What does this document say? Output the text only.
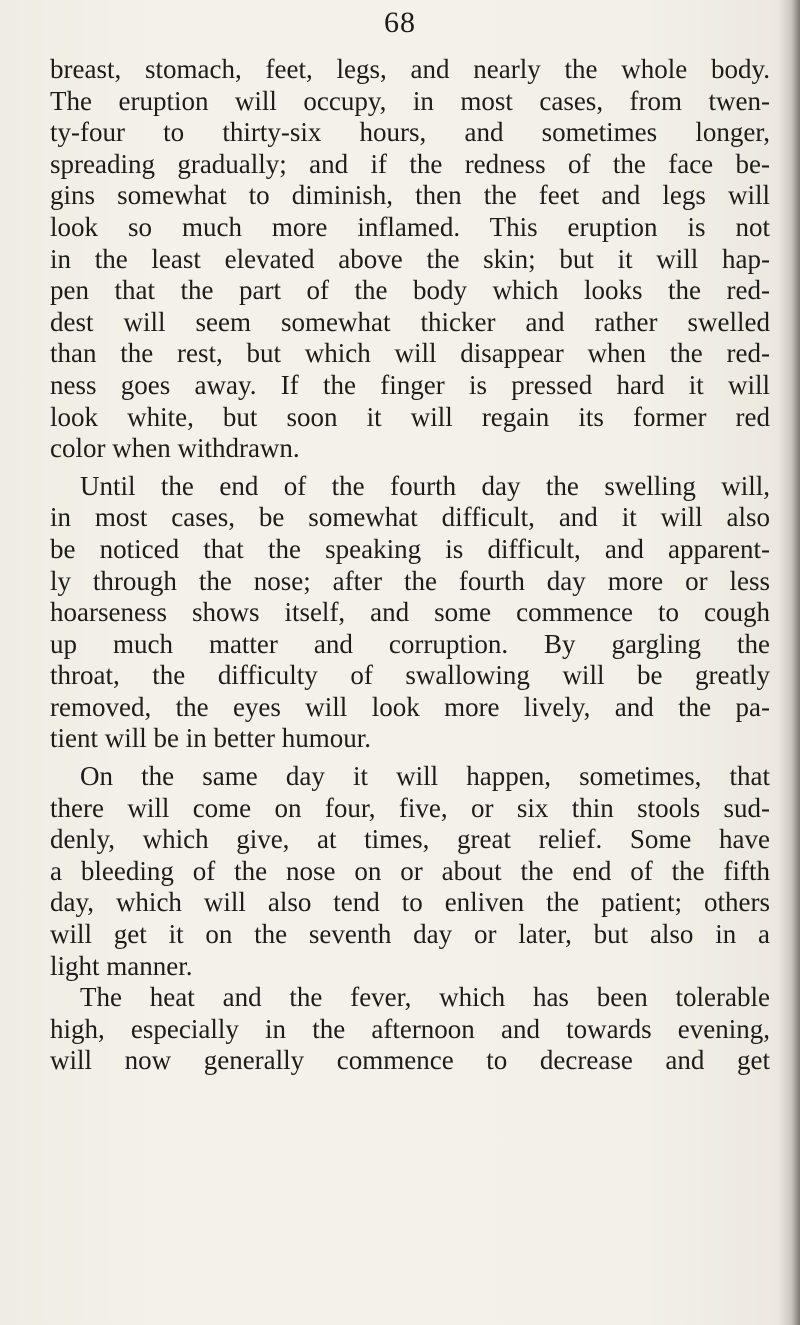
68
breast, stomach, feet, legs, and nearly the whole body.
The eruption will occupy, in most cases, from twen-
ty-four to thirty-six hours, and sometimes longer,
spreading gradually; and if the redness of the face be-
gins somewhat to diminish, then the feet and legs will
look so much more inflamed. This eruption is not
in the least elevated above the skin; but it will hap-
pen that the part of the body which looks the red-
dest will seem somewhat thicker and rather swelled
than the rest, but which will disappear when the red-
ness goes away. If the finger is pressed hard it will
look white, but soon it will regain its former red
color when withdrawn.
Until the end of the fourth day the swelling will,
in most cases, be somewhat difficult, and it will also
be noticed that the speaking is difficult, and apparent-
ly through the nose; after the fourth day more or less
hoarseness shows itself, and some commence to cough
up much matter and corruption. By gargling the
throat, the difficulty of swallowing will be greatly
removed, the eyes will look more lively, and the pa-
tient will be in better humour.
On the same day it will happen, sometimes, that
there will come on four, five, or six thin stools sud-
denly, which give, at times, great relief. Some have
a bleeding of the nose on or about the end of the fifth
day, which will also tend to enliven the patient; others
will get it on the seventh day or later, but also in a
light manner.
The heat and the fever, which has been tolerable
high, especially in the afternoon and towards evening,
will now generally commence to decrease and get
